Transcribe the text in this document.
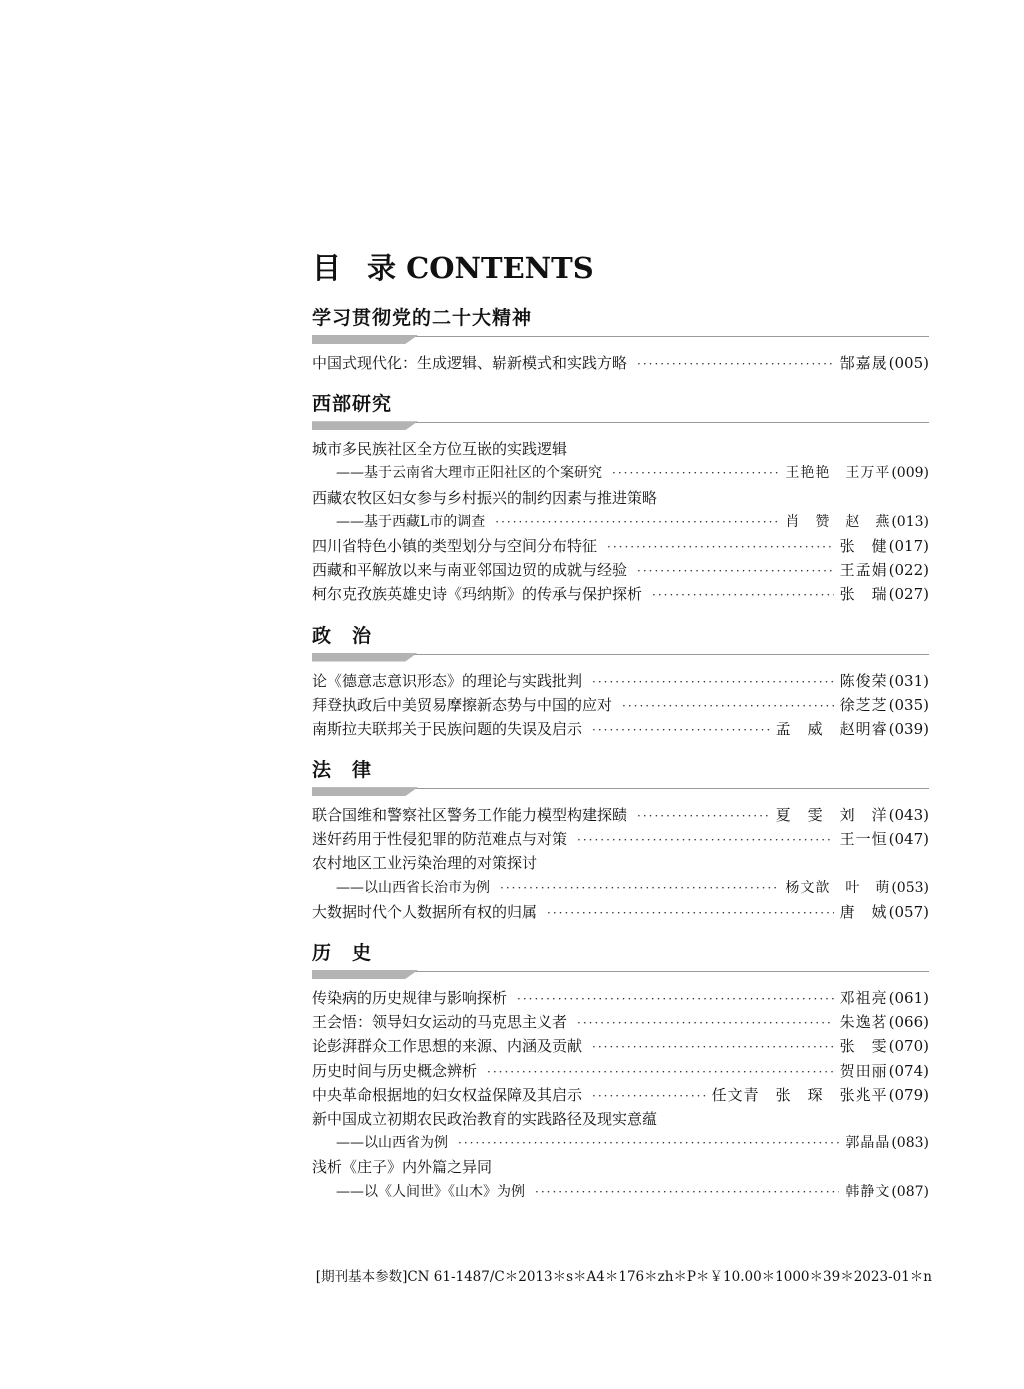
目 录 CONTENTS
学习贯彻党的二十大精神
中国式现代化：生成逻辑、崭新模式和实践方略 ·····	郜嘉晟 (005)
西部研究
城市多民族社区全方位互嵌的实践逻辑
——基于云南省大理市正阳社区的个案研究 ·····	王艳艳　王万平 (009)
西藏农牧区妇女参与乡村振兴的制约因素与推进策略
——基于西藏L市的调查 ·····	肖　赞　赵　燕 (013)
四川省特色小镇的类型划分与空间分布特征 ·····	张　健 (017)
西藏和平解放以来与南亚邻国边贸的成就与经验 ·····	王孟娟 (022)
柯尔克孜族英雄史诗《玛纳斯》的传承与保护探析 ·····	张　瑞 (027)
政　治
论《德意志意识形态》的理论与实践批判 ·····	陈俊荣 (031)
拜登执政后中美贸易摩擦新态势与中国的应对 ·····	徐芝芝 (035)
南斯拉夫联邦关于民族问题的失误及启示 ·····	孟　威　赵明睿 (039)
法　律
联合国维和警察社区警务工作能力模型构建探赜 ·····	夏　雯　刘　洋 (043)
迷奸药用于性侵犯罪的防范难点与对策 ·····	王一恒 (047)
农村地区工业污染治理的对策探讨
——以山西省长治市为例 ·····	杨文歆　叶　萌 (053)
大数据时代个人数据所有权的归属 ·····	唐　娀 (057)
历　史
传染病的历史规律与影响探析 ·····	邓祖亮 (061)
王会悟：领导妇女运动的马克思主义者 ·····	朱逸茗 (066)
论彭湃群众工作思想的来源、内涵及贡献 ·····	张　雯 (070)
历史时间与历史概念辨析 ·····	贺田丽 (074)
中央革命根据地的妇女权益保障及其启示 ·····	任文青　张　琛　张兆平 (079)
新中国成立初期农民政治教育的实践路径及现实意蕴
——以山西省为例 ·····	郭晶晶 (083)
浅析《庄子》内外篇之异同
——以《人间世》《山木》为例 ·····	韩静文 (087)
[期刊基本参数]CN 61-1487/C＊2013＊s＊A4＊176＊zh＊P＊￥10.00＊1000＊39＊2023-01＊n
